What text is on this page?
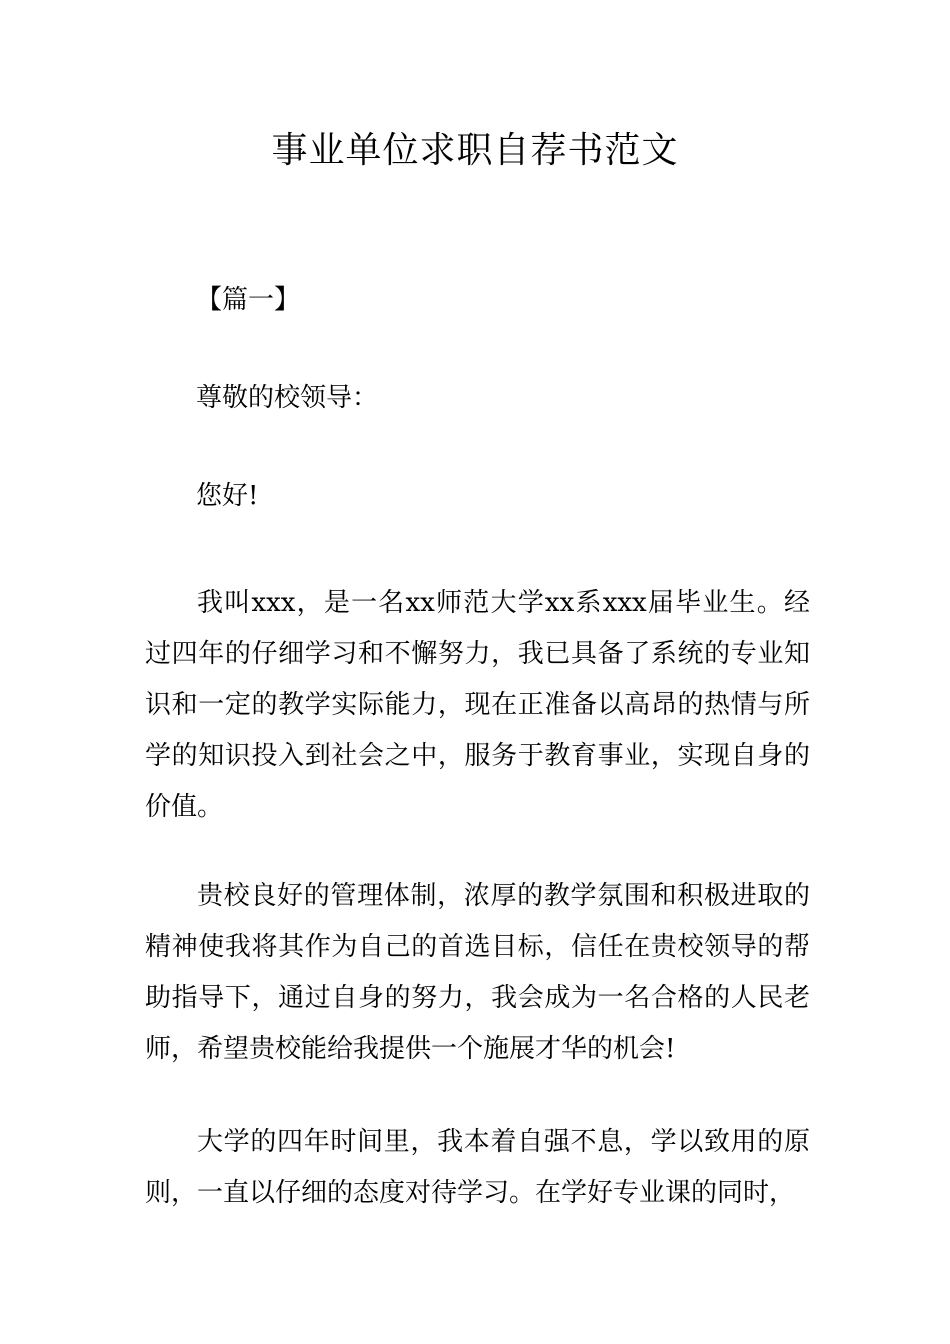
事业单位求职自荐书范文

【篇一】

尊敬的校领导：

您好!

我叫xxx，是一名xx师范大学xx系xxx届毕业生。经过四年的仔细学习和不懈努力，我已具备了系统的专业知识和一定的教学实际能力，现在正准备以高昂的热情与所学的知识投入到社会之中，服务于教育事业，实现自身的价值。

贵校良好的管理体制，浓厚的教学氛围和积极进取的精神使我将其作为自己的首选目标，信任在贵校领导的帮助指导下，通过自身的努力，我会成为一名合格的人民老师，希望贵校能给我提供一个施展才华的机会!

大学的四年时间里，我本着自强不息，学以致用的原则，一直以仔细的态度对待学习。在学好专业课的同时，
